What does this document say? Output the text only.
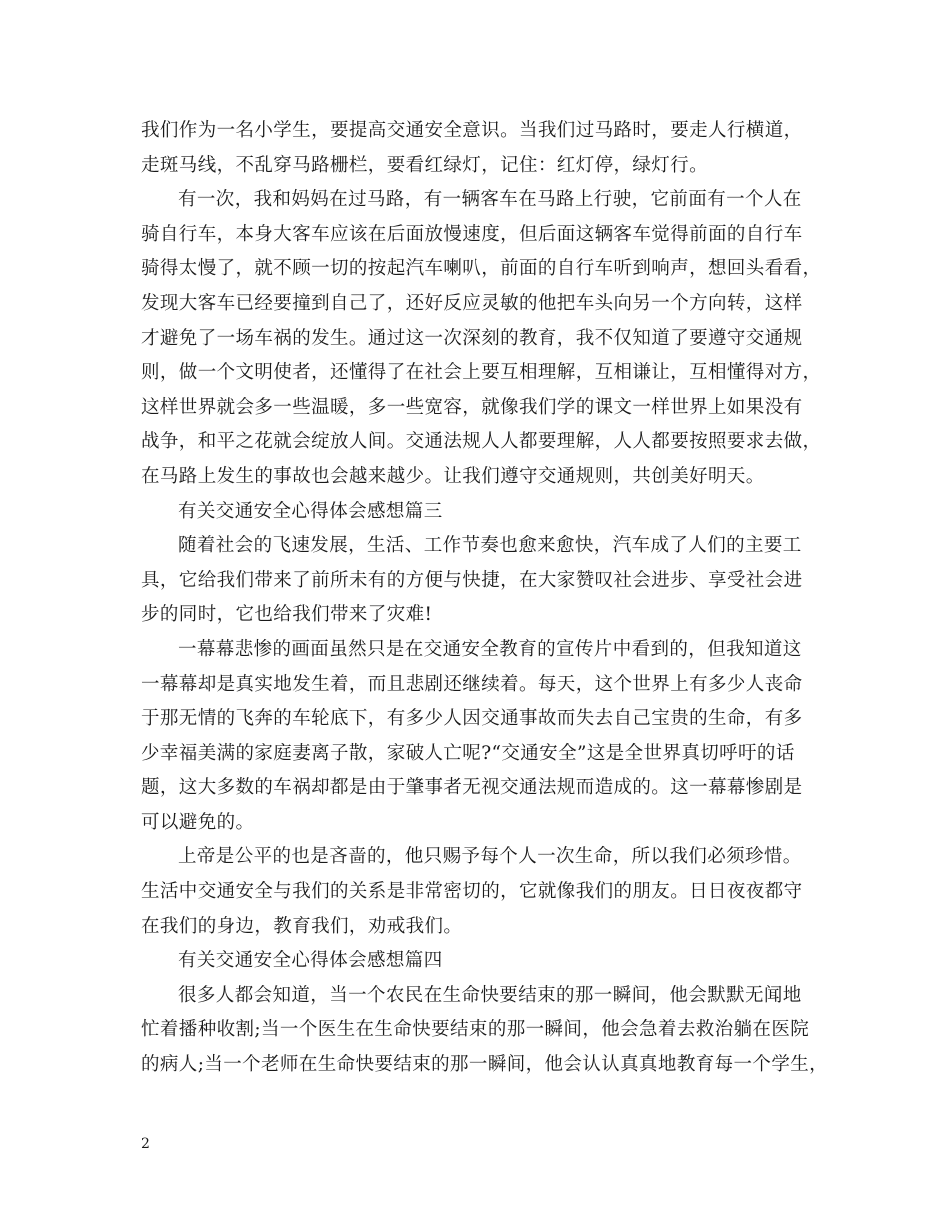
我们作为一名小学生，要提高交通安全意识。当我们过马路时，要走人行横道，
走斑马线，不乱穿马路栅栏，要看红绿灯，记住：红灯停，绿灯行。
有一次，我和妈妈在过马路，有一辆客车在马路上行驶，它前面有一个人在
骑自行车，本身大客车应该在后面放慢速度，但后面这辆客车觉得前面的自行车
骑得太慢了，就不顾一切的按起汽车喇叭，前面的自行车听到响声，想回头看看，
发现大客车已经要撞到自己了，还好反应灵敏的他把车头向另一个方向转，这样
才避免了一场车祸的发生。通过这一次深刻的教育，我不仅知道了要遵守交通规
则，做一个文明使者，还懂得了在社会上要互相理解，互相谦让，互相懂得对方，
这样世界就会多一些温暖，多一些宽容，就像我们学的课文一样世界上如果没有
战争，和平之花就会绽放人间。交通法规人人都要理解，人人都要按照要求去做，
在马路上发生的事故也会越来越少。让我们遵守交通规则，共创美好明天。
有关交通安全心得体会感想篇三
随着社会的飞速发展，生活、工作节奏也愈来愈快，汽车成了人们的主要工
具，它给我们带来了前所未有的方便与快捷，在大家赞叹社会进步、享受社会进
步的同时，它也给我们带来了灾难!
一幕幕悲惨的画面虽然只是在交通安全教育的宣传片中看到的，但我知道这
一幕幕却是真实地发生着，而且悲剧还继续着。每天，这个世界上有多少人丧命
于那无情的飞奔的车轮底下，有多少人因交通事故而失去自己宝贵的生命，有多
少幸福美满的家庭妻离子散，家破人亡呢?“交通安全”这是全世界真切呼吁的话
题，这大多数的车祸却都是由于肇事者无视交通法规而造成的。这一幕幕惨剧是
可以避免的。
上帝是公平的也是吝啬的，他只赐予每个人一次生命，所以我们必须珍惜。
生活中交通安全与我们的关系是非常密切的，它就像我们的朋友。日日夜夜都守
在我们的身边，教育我们，劝戒我们。
有关交通安全心得体会感想篇四
很多人都会知道，当一个农民在生命快要结束的那一瞬间，他会默默无闻地
忙着播种收割;当一个医生在生命快要结束的那一瞬间，他会急着去救治躺在医院
的病人;当一个老师在生命快要结束的那一瞬间，他会认认真真地教育每一个学生，
2
